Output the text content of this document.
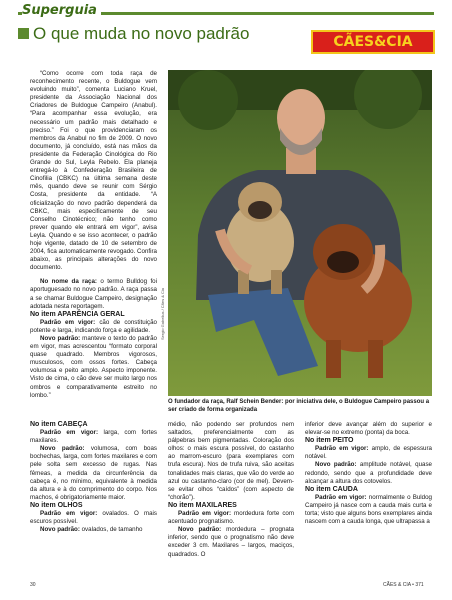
Superguia
O que muda no novo padrão	CÃES&CIA

“Como ocorre com toda raça de reconhecimento recente, o Buldogue vem evoluindo muito”, comenta Luciano Kruel, presidente da Associação Nacional dos Criadores de Buldogue Campeiro (Anabul). “Para acompanhar essa evolução, era necessário um padrão mais detalhado e preciso.” Foi o que providenciaram os membros da Anabul no fim de 2009. O novo documento, já concluído, está nas mãos da presidente da Federação Cinológica do Rio Grande do Sul, Leyla Rebelo. Ela planeja entregá-lo à Confederação Brasileira de Cinofilia (CBKC) na última semana deste mês, quando deve se reunir com Sérgio Costa, presidente da entidade. “A oficialização do novo padrão dependerá da CBKC, mais especificamente de seu Conselho Cinotécnico; não tenho como prever quando ele entrará em vigor”, avisa Leyla. Quando e se isso acontecer, o padrão hoje vigente, datado de 10 de setembro de 2004, fica automaticamente revogado. Confira abaixo, as principais alterações do novo documento.

No nome da raça: o termo Bulldog foi aportuguesado no novo padrão. A raça passa a se chamar Buldogue Campeiro, designação adotada nesta reportagem.

No item APARÊNCIA GERAL

Padrão em vigor: cão de constituição potente e larga, indicando força e agilidade.

Novo padrão: manteve o texto do padrão em vigor, mas acrescentou “formato corporal quase quadrado. Membros vigorosos, musculosos, com ossos fortes. Cabeça volumosa e peito amplo. Aspecto imponente. Visto de cima, o cão deve ser muito largo nos ombros e comparativamente estreito no lombo.”

Sergio Gabellus / Cães & Cia
O fundador da raça, Ralf Schein Bender: por iniciativa dele, o Buldogue Campeiro passou a ser criado de forma organizada

No item CABEÇA

Padrão em vigor: larga, com fortes maxilares.

Novo padrão: volumosa, com boas bochechas, larga, com fortes maxilares e com pele solta sem excesso de rugas. Nas fêmeas, a medida da circunferência da cabeça é, no mínimo, equivalente à medida da altura e à do comprimento do corpo. Nos machos, é obrigatoriamente maior.

No item OLHOS

Padrão em vigor: ovalados. O mais escuros possível.

Novo padrão: ovalados, de tamanho

médio, não podendo ser profundos nem saltados, preferencialmente com as pálpebras bem pigmentadas. Coloração dos olhos: o mais escura possível, do castanho ao marrom-escuro (para exemplares com trufa escura). Nos de trufa ruiva, são aceitas tonalidades mais claras, que vão do verde ao azul ou castanho-claro (cor de mel). Devem-se evitar olhos “caídos” (com aspecto de “chorão”).

No item MAXILARES

Padrão em vigor: mordedura forte com acentuado prognatismo.

Novo padrão: mordedura – prognata inferior, sendo que o prognatismo não deve exceder 3 cm. Maxilares – largos, maciços, quadrados. O

inferior deve avançar além do superior e elevar-se no extremo (ponta) da boca.

No item PEITO

Padrão em vigor: amplo, de espessura notável.

Novo padrão: amplitude notável, quase redondo, sendo que a profundidade deve alcançar a altura dos cotovelos.

No item CAUDA

Padrão em vigor: normalmente o Buldog Campeiro já nasce com a cauda mais curta e torta; visto que alguns bons exemplares ainda nascem com a cauda longa, que ultrapassa a

30	CÃES & CIA • 371
